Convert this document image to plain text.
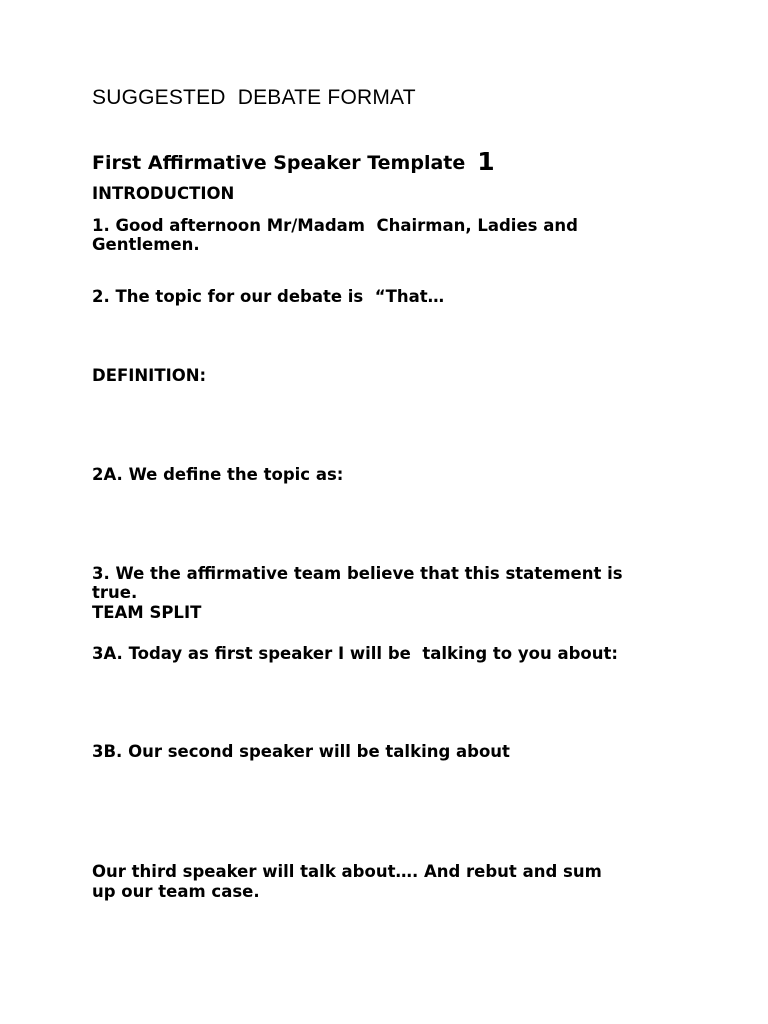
SUGGESTED  DEBATE FORMAT
First Affirmative Speaker Template 1
INTRODUCTION
1. Good afternoon Mr/Madam  Chairman, Ladies and
Gentlemen.
2. The topic for our debate is  “That…
DEFINITION:
2A. We define the topic as:
3. We the affirmative team believe that this statement is
true.
TEAM SPLIT
3A. Today as first speaker I will be  talking to you about:
3B. Our second speaker will be talking about
Our third speaker will talk about…. And rebut and sum
up our team case.
